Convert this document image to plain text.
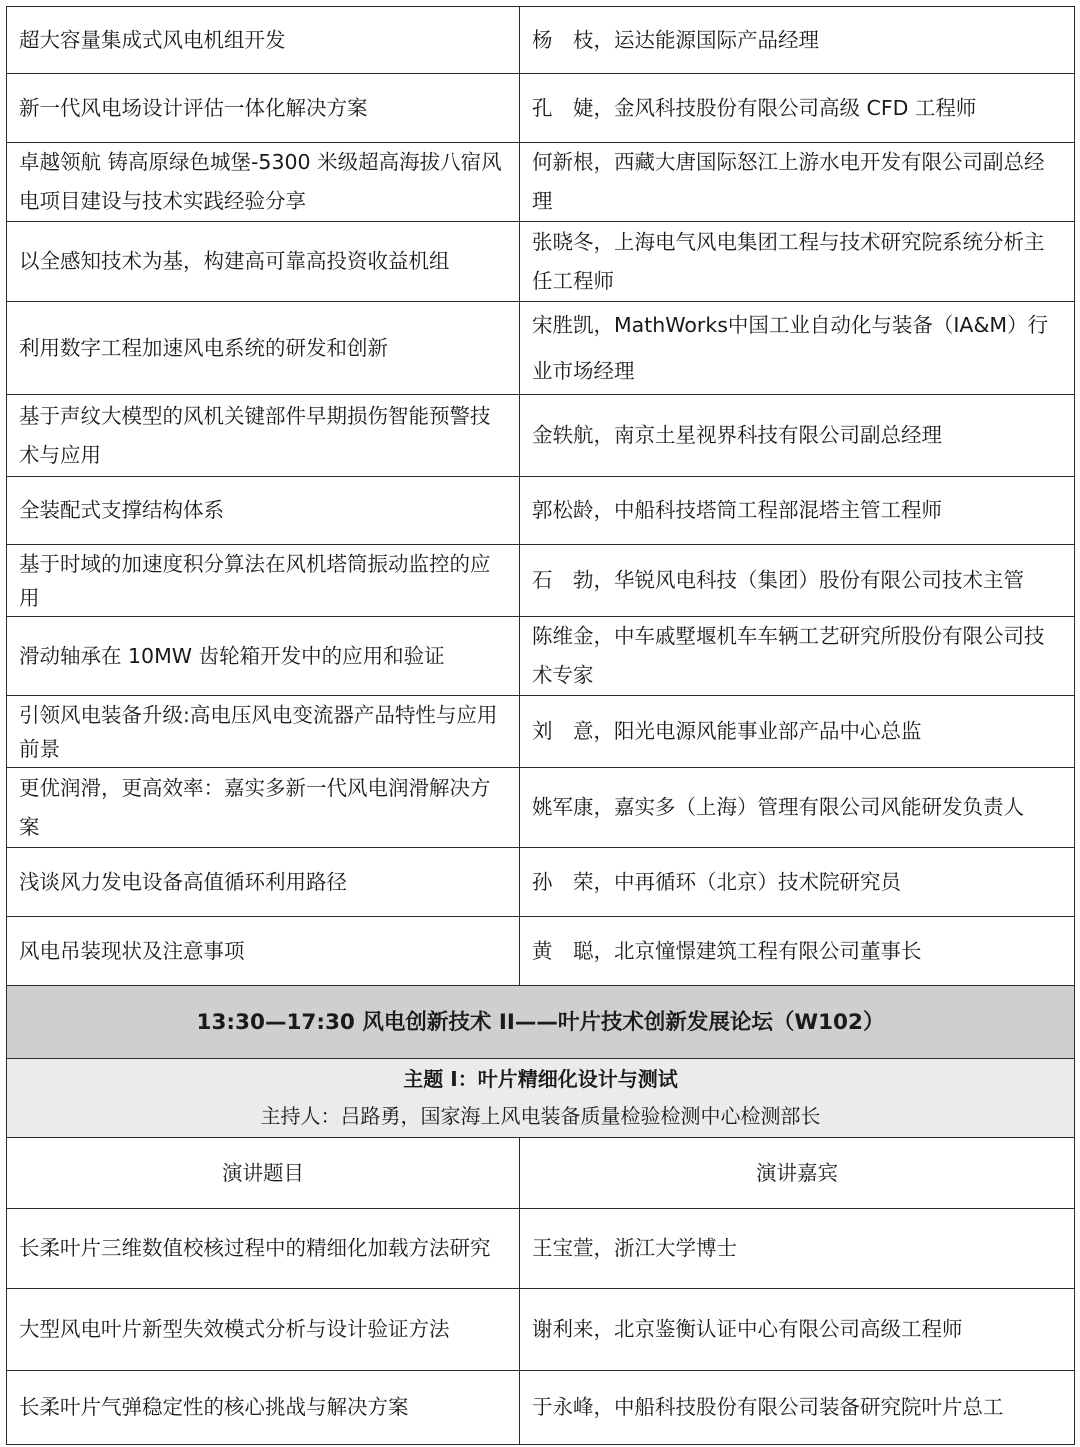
超大容量集成式风电机组开发	杨　枝，运达能源国际产品经理
新一代风电场设计评估一体化解决方案	孔　婕，金风科技股份有限公司高级 CFD 工程师
卓越领航 铸高原绿色城堡-5300 米级超高海拔八宿风电项目建设与技术实践经验分享	何新根，西藏大唐国际怒江上游水电开发有限公司副总经理
以全感知技术为基，构建高可靠高投资收益机组	张晓冬，上海电气风电集团工程与技术研究院系统分析主任工程师
利用数字工程加速风电系统的研发和创新	宋胜凯，MathWorks中国工业自动化与装备（IA&M）行业市场经理
基于声纹大模型的风机关键部件早期损伤智能预警技术与应用	金轶航，南京土星视界科技有限公司副总经理
全装配式支撑结构体系	郭松龄，中船科技塔筒工程部混塔主管工程师
基于时域的加速度积分算法在风机塔筒振动监控的应用	石　勃，华锐风电科技（集团）股份有限公司技术主管
滑动轴承在 10MW 齿轮箱开发中的应用和验证	陈维金，中车戚墅堰机车车辆工艺研究所股份有限公司技术专家
引领风电装备升级:高电压风电变流器产品特性与应用前景	刘　意，阳光电源风能事业部产品中心总监
更优润滑，更高效率：嘉实多新一代风电润滑解决方案	姚军康，嘉实多（上海）管理有限公司风能研发负责人
浅谈风力发电设备高值循环利用路径	孙　荣，中再循环（北京）技术院研究员
风电吊装现状及注意事项	黄　聪，北京憧憬建筑工程有限公司董事长
13:30—17:30 风电创新技术 II——叶片技术创新发展论坛（W102）	

主题 I：叶片精细化设计与测试
主持人：吕路勇，国家海上风电装备质量检验检测中心检测部长	

演讲题目	演讲嘉宾
长柔叶片三维数值校核过程中的精细化加载方法研究	王宝萱，浙江大学博士
大型风电叶片新型失效模式分析与设计验证方法	谢利来，北京鉴衡认证中心有限公司高级工程师
长柔叶片气弹稳定性的核心挑战与解决方案	于永峰，中船科技股份有限公司装备研究院叶片总工
